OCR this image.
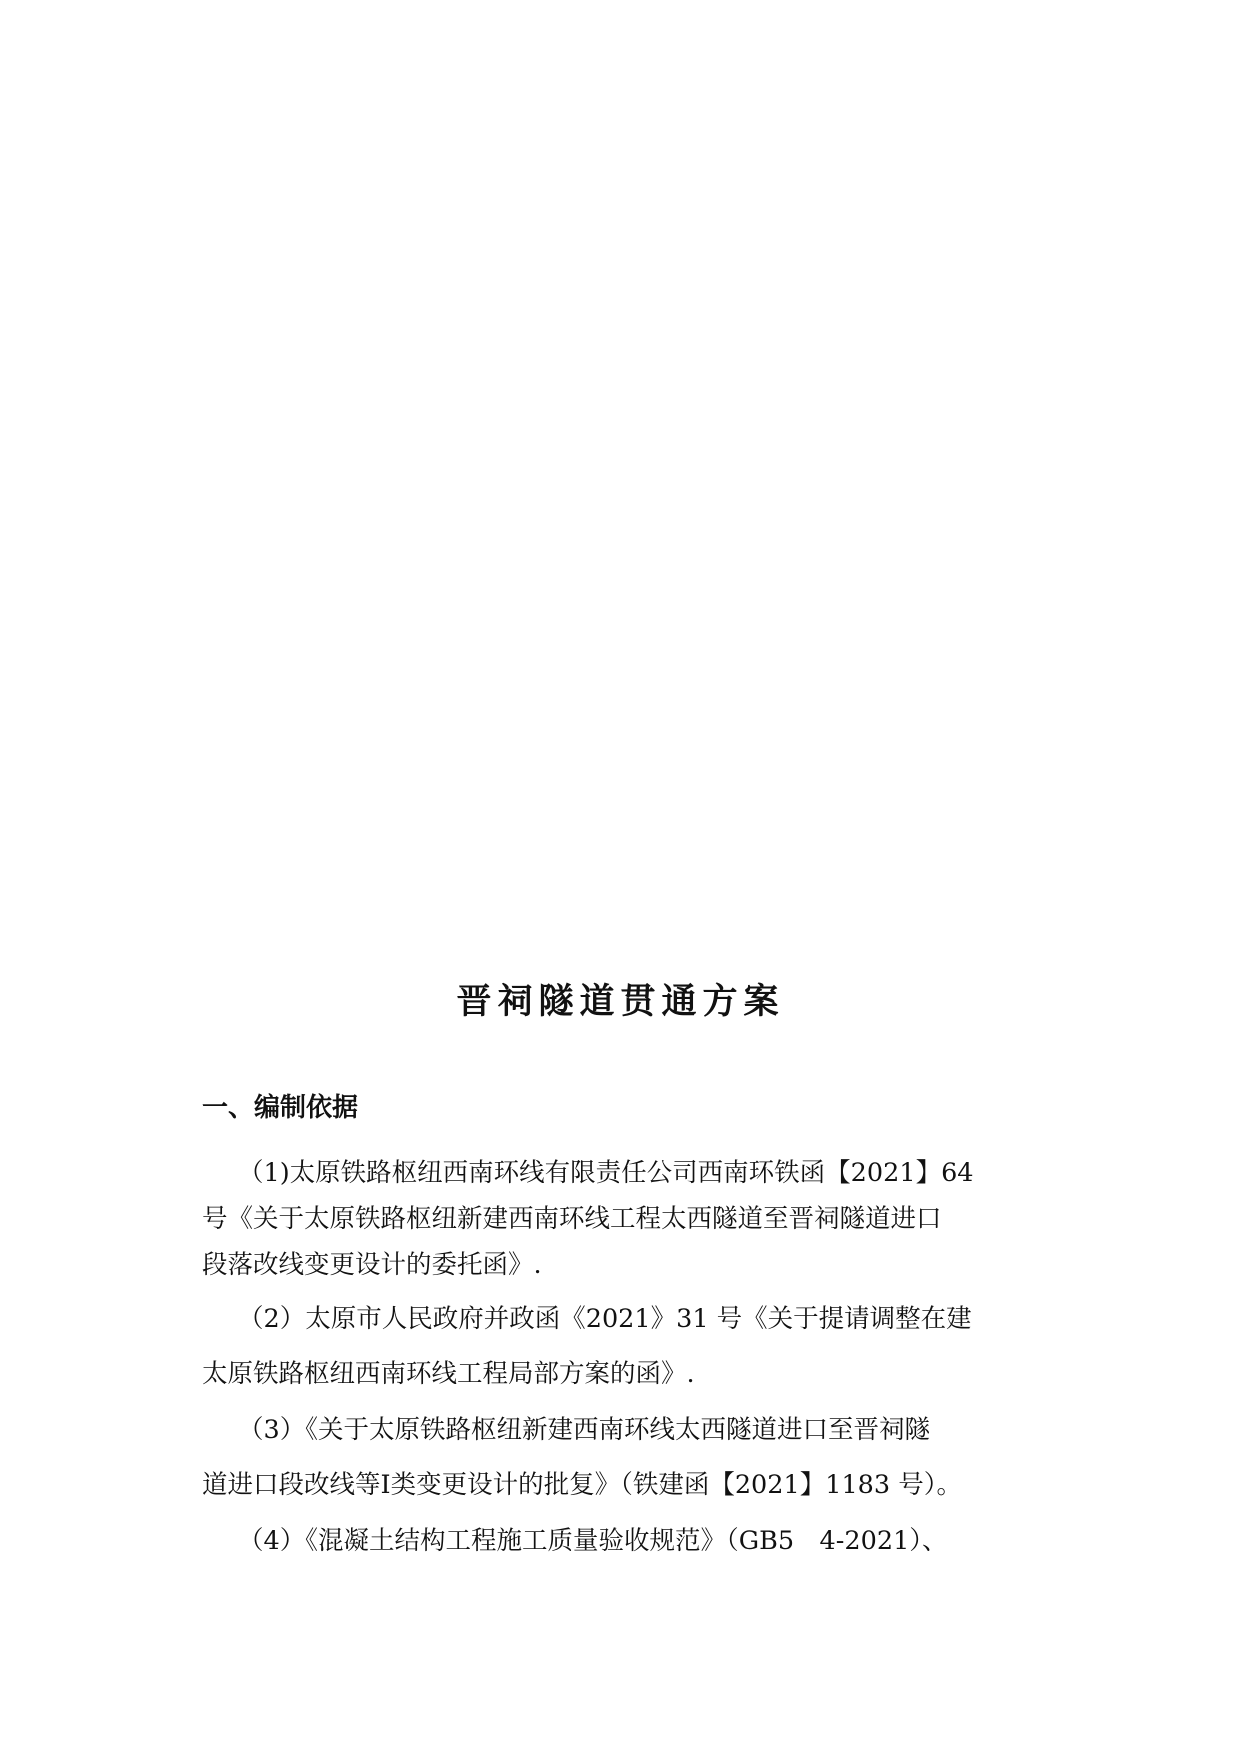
晋祠隧道贯通方案
一、编制依据

（1)太原铁路枢纽西南环线有限责任公司西南环铁函【2021】64

号《关于太原铁路枢纽新建西南环线工程太西隧道至晋祠隧道进口

段落改线变更设计的委托函》.

（2）太原市人民政府并政函《2021》31 号《关于提请调整在建

太原铁路枢纽西南环线工程局部方案的函》.

（3）《关于太原铁路枢纽新建西南环线太西隧道进口至晋祠隧

道进口段改线等Ⅰ类变更设计的批复》（铁建函【2021】1183 号）。

（4）《混凝土结构工程施工质量验收规范》（GB5　4-2021）、
